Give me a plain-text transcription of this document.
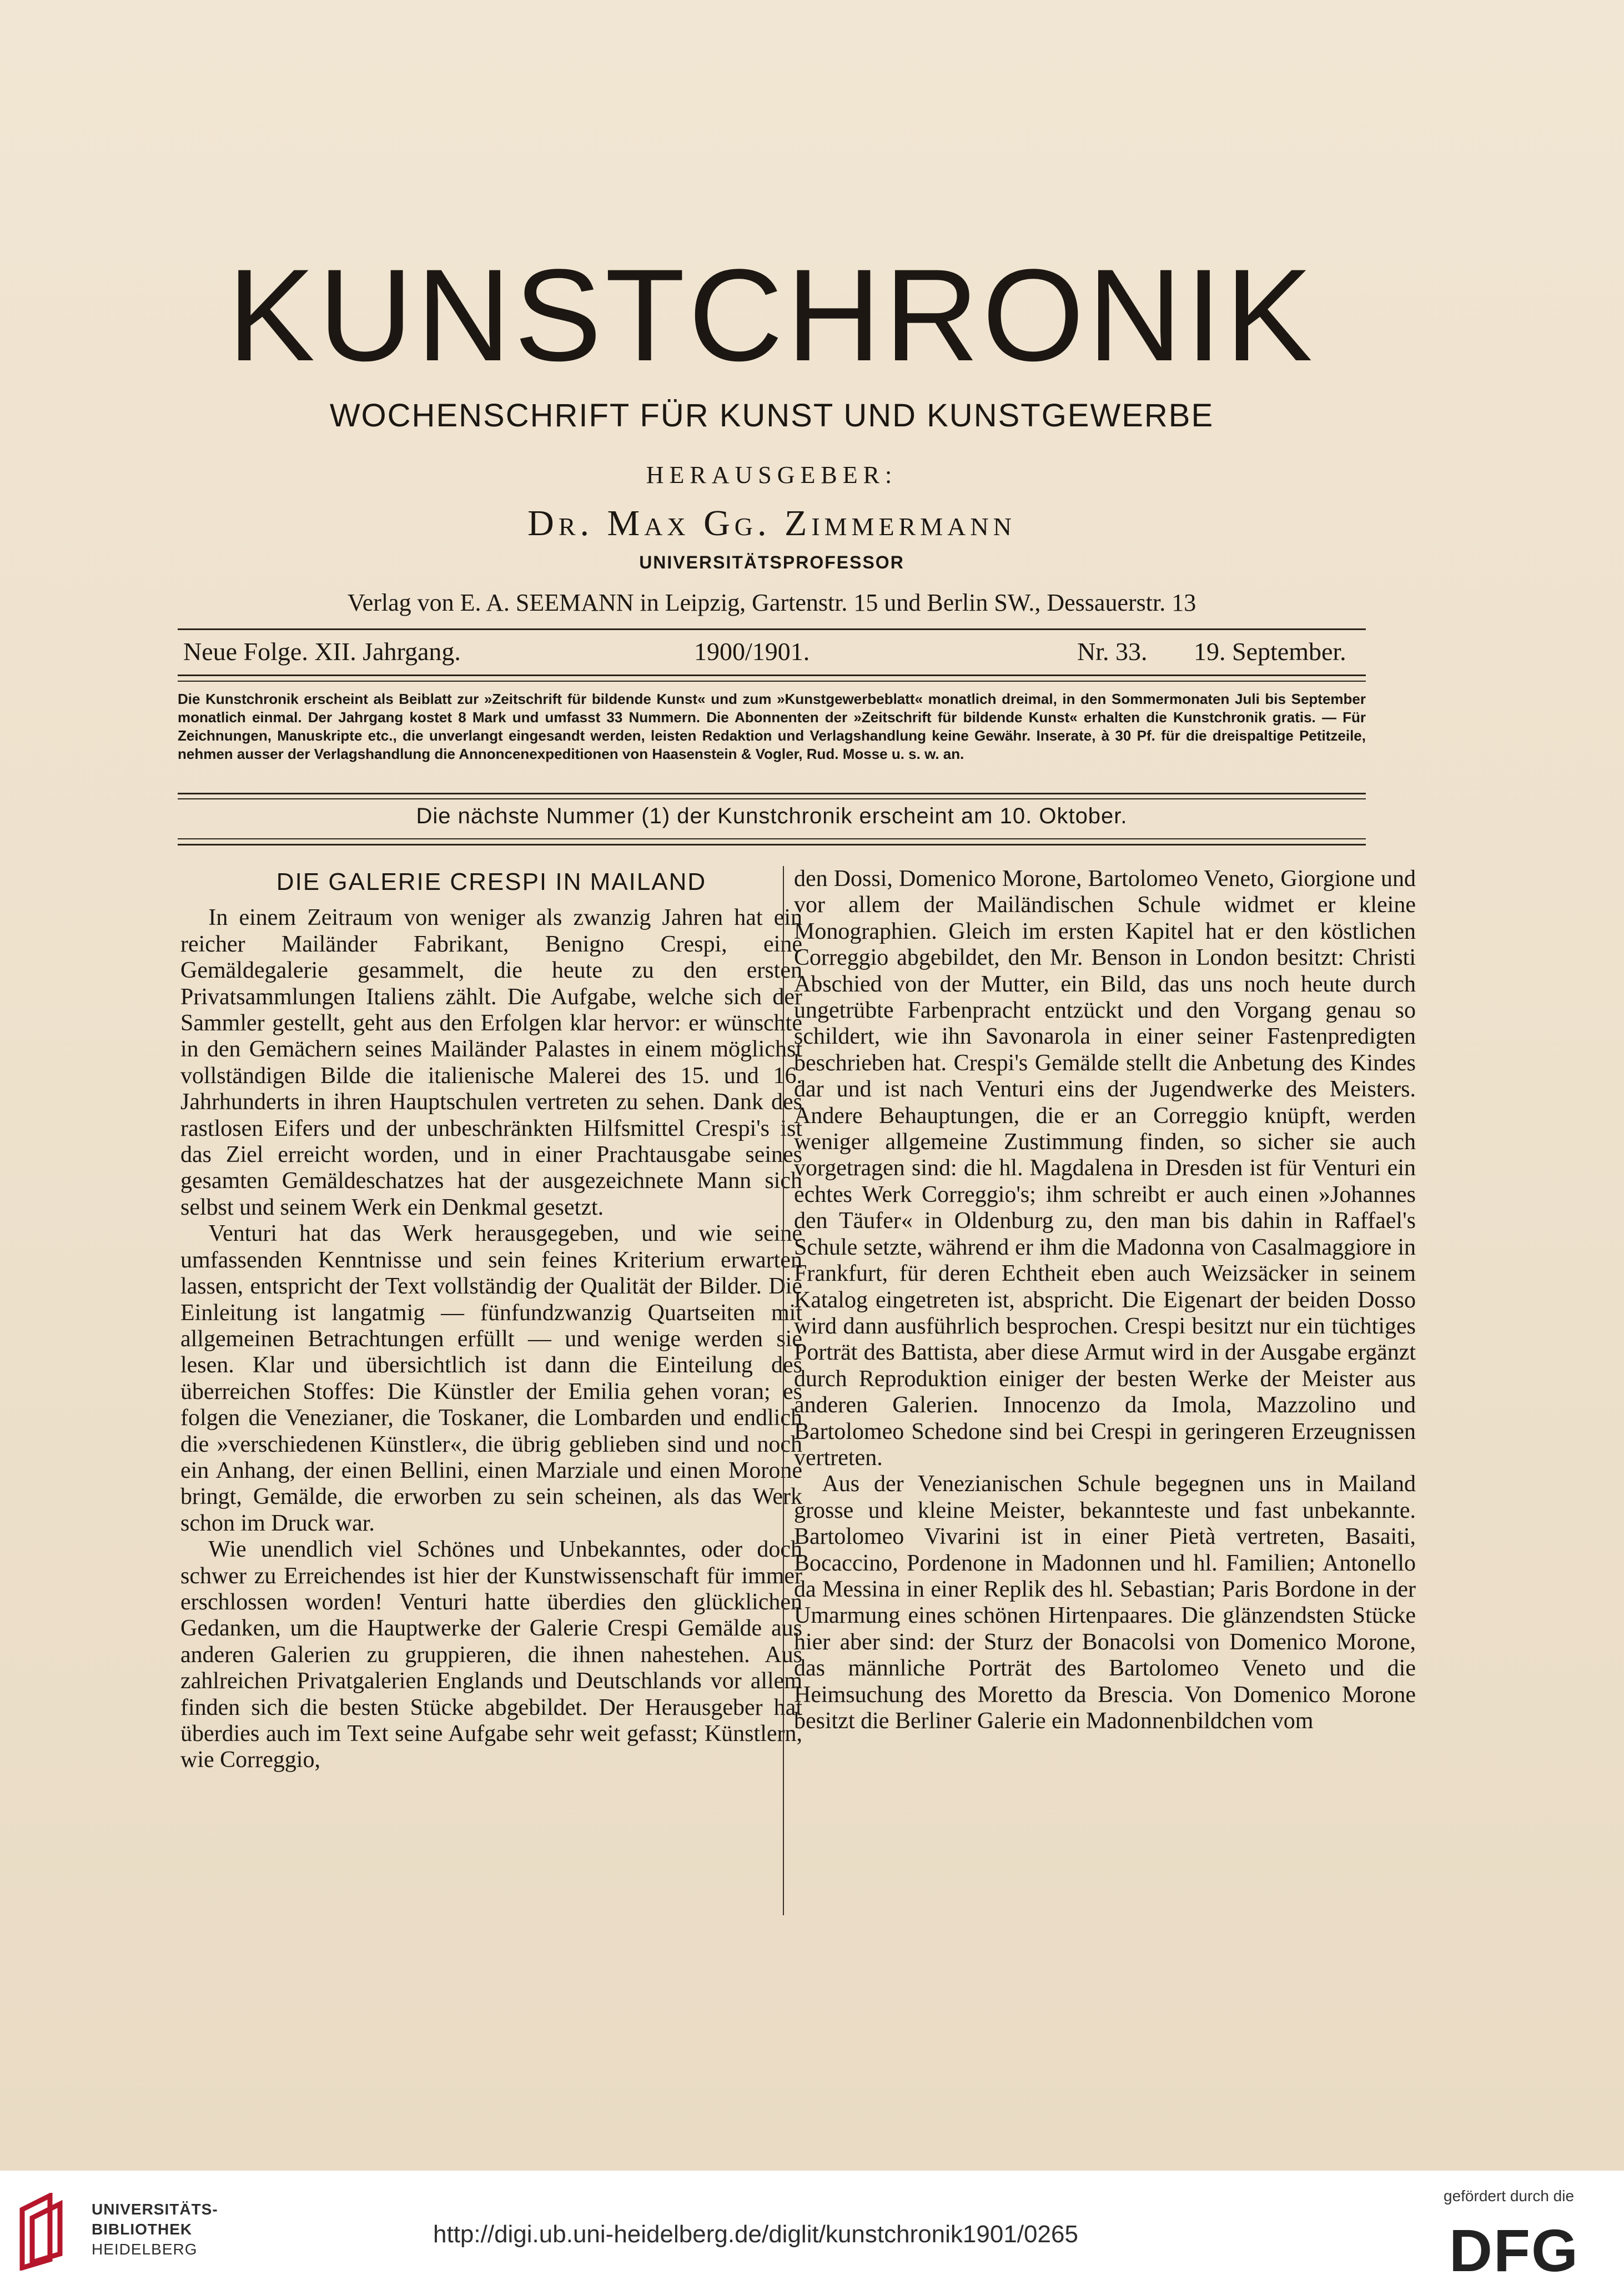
KUNSTCHRONIK
WOCHENSCHRIFT FÜR KUNST UND KUNSTGEWERBE
HERAUSGEBER:
Dr. Max Gg. Zimmermann
UNIVERSITÄTSPROFESSOR
Verlag von E. A. SEEMANN in Leipzig, Gartenstr. 15 und Berlin SW., Dessauerstr. 13
Neue Folge. XII. Jahrgang.	1900/1901.	Nr. 33. 19. September.
Die Kunstchronik erscheint als Beiblatt zur »Zeitschrift für bildende Kunst« und zum »Kunstgewerbeblatt« monatlich dreimal, in den Sommermonaten Juli bis September monatlich einmal. Der Jahrgang kostet 8 Mark und umfasst 33 Nummern. Die Abonnenten der »Zeitschrift für bildende Kunst« erhalten die Kunstchronik gratis. — Für Zeichnungen, Manuskripte etc., die unverlangt eingesandt werden, leisten Redaktion und Verlagshandlung keine Gewähr. Inserate, à 30 Pf. für die dreispaltige Petitzeile, nehmen ausser der Verlagshandlung die Annoncenexpeditionen von Haasenstein & Vogler, Rud. Mosse u. s. w. an.
Die nächste Nummer (1) der Kunstchronik erscheint am 10. Oktober.
DIE GALERIE CRESPI IN MAILAND

In einem Zeitraum von weniger als zwanzig Jahren hat ein reicher Mailänder Fabrikant, Benigno Crespi, eine Gemäldegalerie gesammelt, die heute zu den ersten Privatsammlungen Italiens zählt. Die Aufgabe, welche sich der Sammler gestellt, geht aus den Erfolgen klar hervor: er wünschte in den Gemächern seines Mailänder Palastes in einem möglichst vollständigen Bilde die italienische Malerei des 15. und 16. Jahrhunderts in ihren Hauptschulen vertreten zu sehen. Dank des rastlosen Eifers und der unbeschränkten Hilfsmittel Crespi's ist das Ziel erreicht worden, und in einer Prachtausgabe seines gesamten Gemäldeschatzes hat der ausgezeichnete Mann sich selbst und seinem Werk ein Denkmal gesetzt.

Venturi hat das Werk herausgegeben, und wie seine umfassenden Kenntnisse und sein feines Kriterium erwarten lassen, entspricht der Text vollständig der Qualität der Bilder. Die Einleitung ist langatmig — fünfundzwanzig Quartseiten mit allgemeinen Betrachtungen erfüllt — und wenige werden sie lesen. Klar und übersichtlich ist dann die Einteilung des überreichen Stoffes: Die Künstler der Emilia gehen voran; es folgen die Venezianer, die Toskaner, die Lombarden und endlich die »verschiedenen Künstler«, die übrig geblieben sind und noch ein Anhang, der einen Bellini, einen Marziale und einen Morone bringt, Gemälde, die erworben zu sein scheinen, als das Werk schon im Druck war.

Wie unendlich viel Schönes und Unbekanntes, oder doch schwer zu Erreichendes ist hier der Kunstwissenschaft für immer erschlossen worden! Venturi hatte überdies den glücklichen Gedanken, um die Hauptwerke der Galerie Crespi Gemälde aus anderen Galerien zu gruppieren, die ihnen nahestehen. Aus zahlreichen Privatgalerien Englands und Deutschlands vor allem finden sich die besten Stücke abgebildet. Der Herausgeber hat überdies auch im Text seine Aufgabe sehr weit gefasst; Künstlern, wie Correggio,

den Dossi, Domenico Morone, Bartolomeo Veneto, Giorgione und vor allem der Mailändischen Schule widmet er kleine Monographien. Gleich im ersten Kapitel hat er den köstlichen Correggio abgebildet, den Mr. Benson in London besitzt: Christi Abschied von der Mutter, ein Bild, das uns noch heute durch ungetrübte Farbenpracht entzückt und den Vorgang genau so schildert, wie ihn Savonarola in einer seiner Fastenpredigten beschrieben hat. Crespi's Gemälde stellt die Anbetung des Kindes dar und ist nach Venturi eins der Jugendwerke des Meisters. Andere Behauptungen, die er an Correggio knüpft, werden weniger allgemeine Zustimmung finden, so sicher sie auch vorgetragen sind: die hl. Magdalena in Dresden ist für Venturi ein echtes Werk Correggio's; ihm schreibt er auch einen »Johannes den Täufer« in Oldenburg zu, den man bis dahin in Raffael's Schule setzte, während er ihm die Madonna von Casalmaggiore in Frankfurt, für deren Echtheit eben auch Weizsäcker in seinem Katalog eingetreten ist, abspricht. Die Eigenart der beiden Dosso wird dann ausführlich besprochen. Crespi besitzt nur ein tüchtiges Porträt des Battista, aber diese Armut wird in der Ausgabe ergänzt durch Reproduktion einiger der besten Werke der Meister aus anderen Galerien. Innocenzo da Imola, Mazzolino und Bartolomeo Schedone sind bei Crespi in geringeren Erzeugnissen vertreten.

Aus der Venezianischen Schule begegnen uns in Mailand grosse und kleine Meister, bekannteste und fast unbekannte. Bartolomeo Vivarini ist in einer Pietà vertreten, Basaiti, Bocaccino, Pordenone in Madonnen und hl. Familien; Antonello da Messina in einer Replik des hl. Sebastian; Paris Bordone in der Umarmung eines schönen Hirtenpaares. Die glänzendsten Stücke hier aber sind: der Sturz der Bonacolsi von Domenico Morone, das männliche Porträt des Bartolomeo Veneto und die Heimsuchung des Moretto da Brescia. Von Domenico Morone besitzt die Berliner Galerie ein Madonnenbildchen vom

UNIVERSITÄTS-
BIBLIOTHEK
HEIDELBERG
http://digi.ub.uni-heidelberg.de/diglit/kunstchronik1901/0265
gefördert durch die
DFG
